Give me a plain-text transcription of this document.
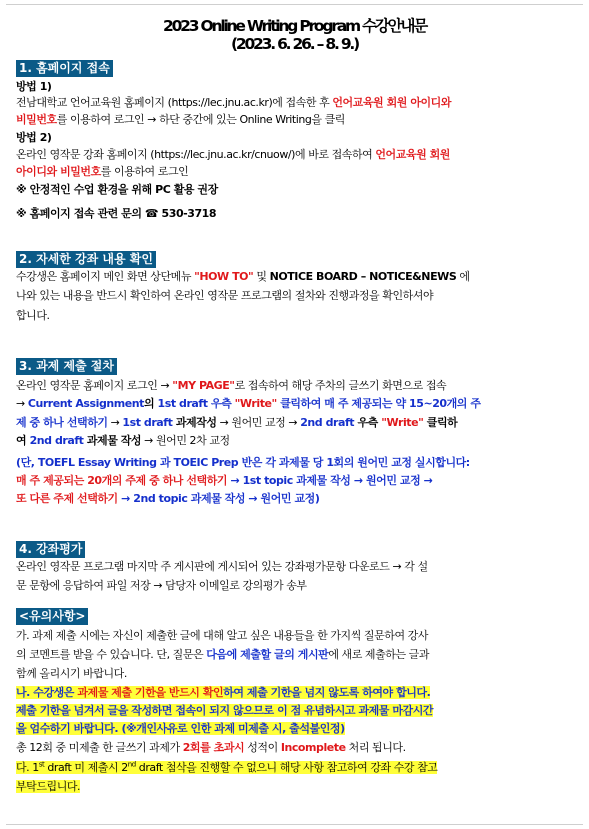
2023 Online Writing Program 수강안내문
(2023. 6. 26. – 8. 9.)
1. 홈페이지 접속
방법 1)
전남대학교 언어교육원 홈페이지 (https://lec.jnu.ac.kr)에 접속한 후 언어교육원 회원 아이디와
비밀번호를 이용하여 로그인 → 하단 중간에 있는 Online Writing을 클릭
방법 2)
온라인 영작문 강좌 홈페이지 (https://lec.jnu.ac.kr/cnuow/)에 바로 접속하여 언어교육원 회원
아이디와 비밀번호를 이용하여 로그인
※ 안정적인 수업 환경을 위해 PC 활용 권장
※ 홈페이지 접속 관련 문의 ☎ 530-3718
2. 자세한 강좌 내용 확인
수강생은 홈페이지 메인 화면 상단메뉴 "HOW TO" 및 NOTICE BOARD – NOTICE&NEWS 에
나와 있는 내용을 반드시 확인하여 온라인 영작문 프로그램의 절차와 진행과정을 확인하셔야
합니다.
3. 과제 제출 절차
온라인 영작문 홈페이지 로그인 → "MY PAGE"로 접속하여 해당 주차의 글쓰기 화면으로 접속
→ Current Assignment의 1st draft 우측 "Write" 클릭하여 매 주 제공되는 약 15~20개의 주
제 중 하나 선택하기 → 1st draft 과제작성 → 원어민 교정 → 2nd draft 우측 "Write" 클릭하
여 2nd draft 과제물 작성 → 원어민 2차 교정
(단, TOEFL Essay Writing 과 TOEIC Prep 반은 각 과제물 당 1회의 원어민 교정 실시합니다:
매 주 제공되는 20개의 주제 중 하나 선택하기 → 1st topic 과제물 작성 → 원어민 교정 →
또 다른 주제 선택하기 → 2nd topic 과제물 작성 → 원어민 교정)
4. 강좌평가
온라인 영작문 프로그램 마지막 주 게시판에 게시되어 있는 강좌평가문항 다운로드 → 각 설
문 문항에 응답하여 파일 저장 → 담당자 이메일로 강의평가 송부
<유의사항>
가. 과제 제출 시에는 자신이 제출한 글에 대해 알고 싶은 내용들을 한 가지씩 질문하여 강사
의 코멘트를 받을 수 있습니다. 단, 질문은 다음에 제출할 글의 게시판에 새로 제출하는 글과
함께 올리시기 바랍니다.
나. 수강생은 과제물 제출 기한을 반드시 확인하여 제출 기한을 넘지 않도록 하여야 합니다.
제출 기한을 넘겨서 글을 작성하면 접속이 되지 않으므로 이 점 유념하시고 과제물 마감시간
을 엄수하기 바랍니다. (※개인사유로 인한 과제 미제출 시, 출석불인정)
총 12회 중 미제출 한 글쓰기 과제가 2회를 초과시 성적이 Incomplete 처리 됩니다.
다. 1st draft 미 제출시 2nd draft 첨삭을 진행할 수 없으니 해당 사항 참고하여 강좌 수강 참고
부탁드립니다.
